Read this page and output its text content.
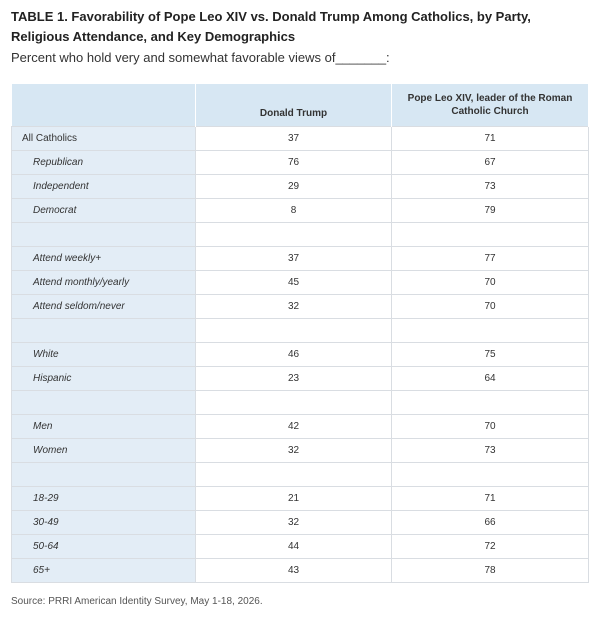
TABLE 1. Favorability of Pope Leo XIV vs. Donald Trump Among Catholics, by Party, Religious Attendance, and Key Demographics
Percent who hold very and somewhat favorable views of_______:
	Donald Trump	Pope Leo XIV, leader of the Roman Catholic Church
All Catholics	37	71
Republican	76	67
Independent	29	73
Democrat	8	79

Attend weekly+	37	77
Attend monthly/yearly	45	70
Attend seldom/never	32	70

White	46	75
Hispanic	23	64

Men	42	70
Women	32	73

18-29	21	71
30-49	32	66
50-64	44	72
65+	43	78
Source: PRRI American Identity Survey, May 1-18, 2026.
